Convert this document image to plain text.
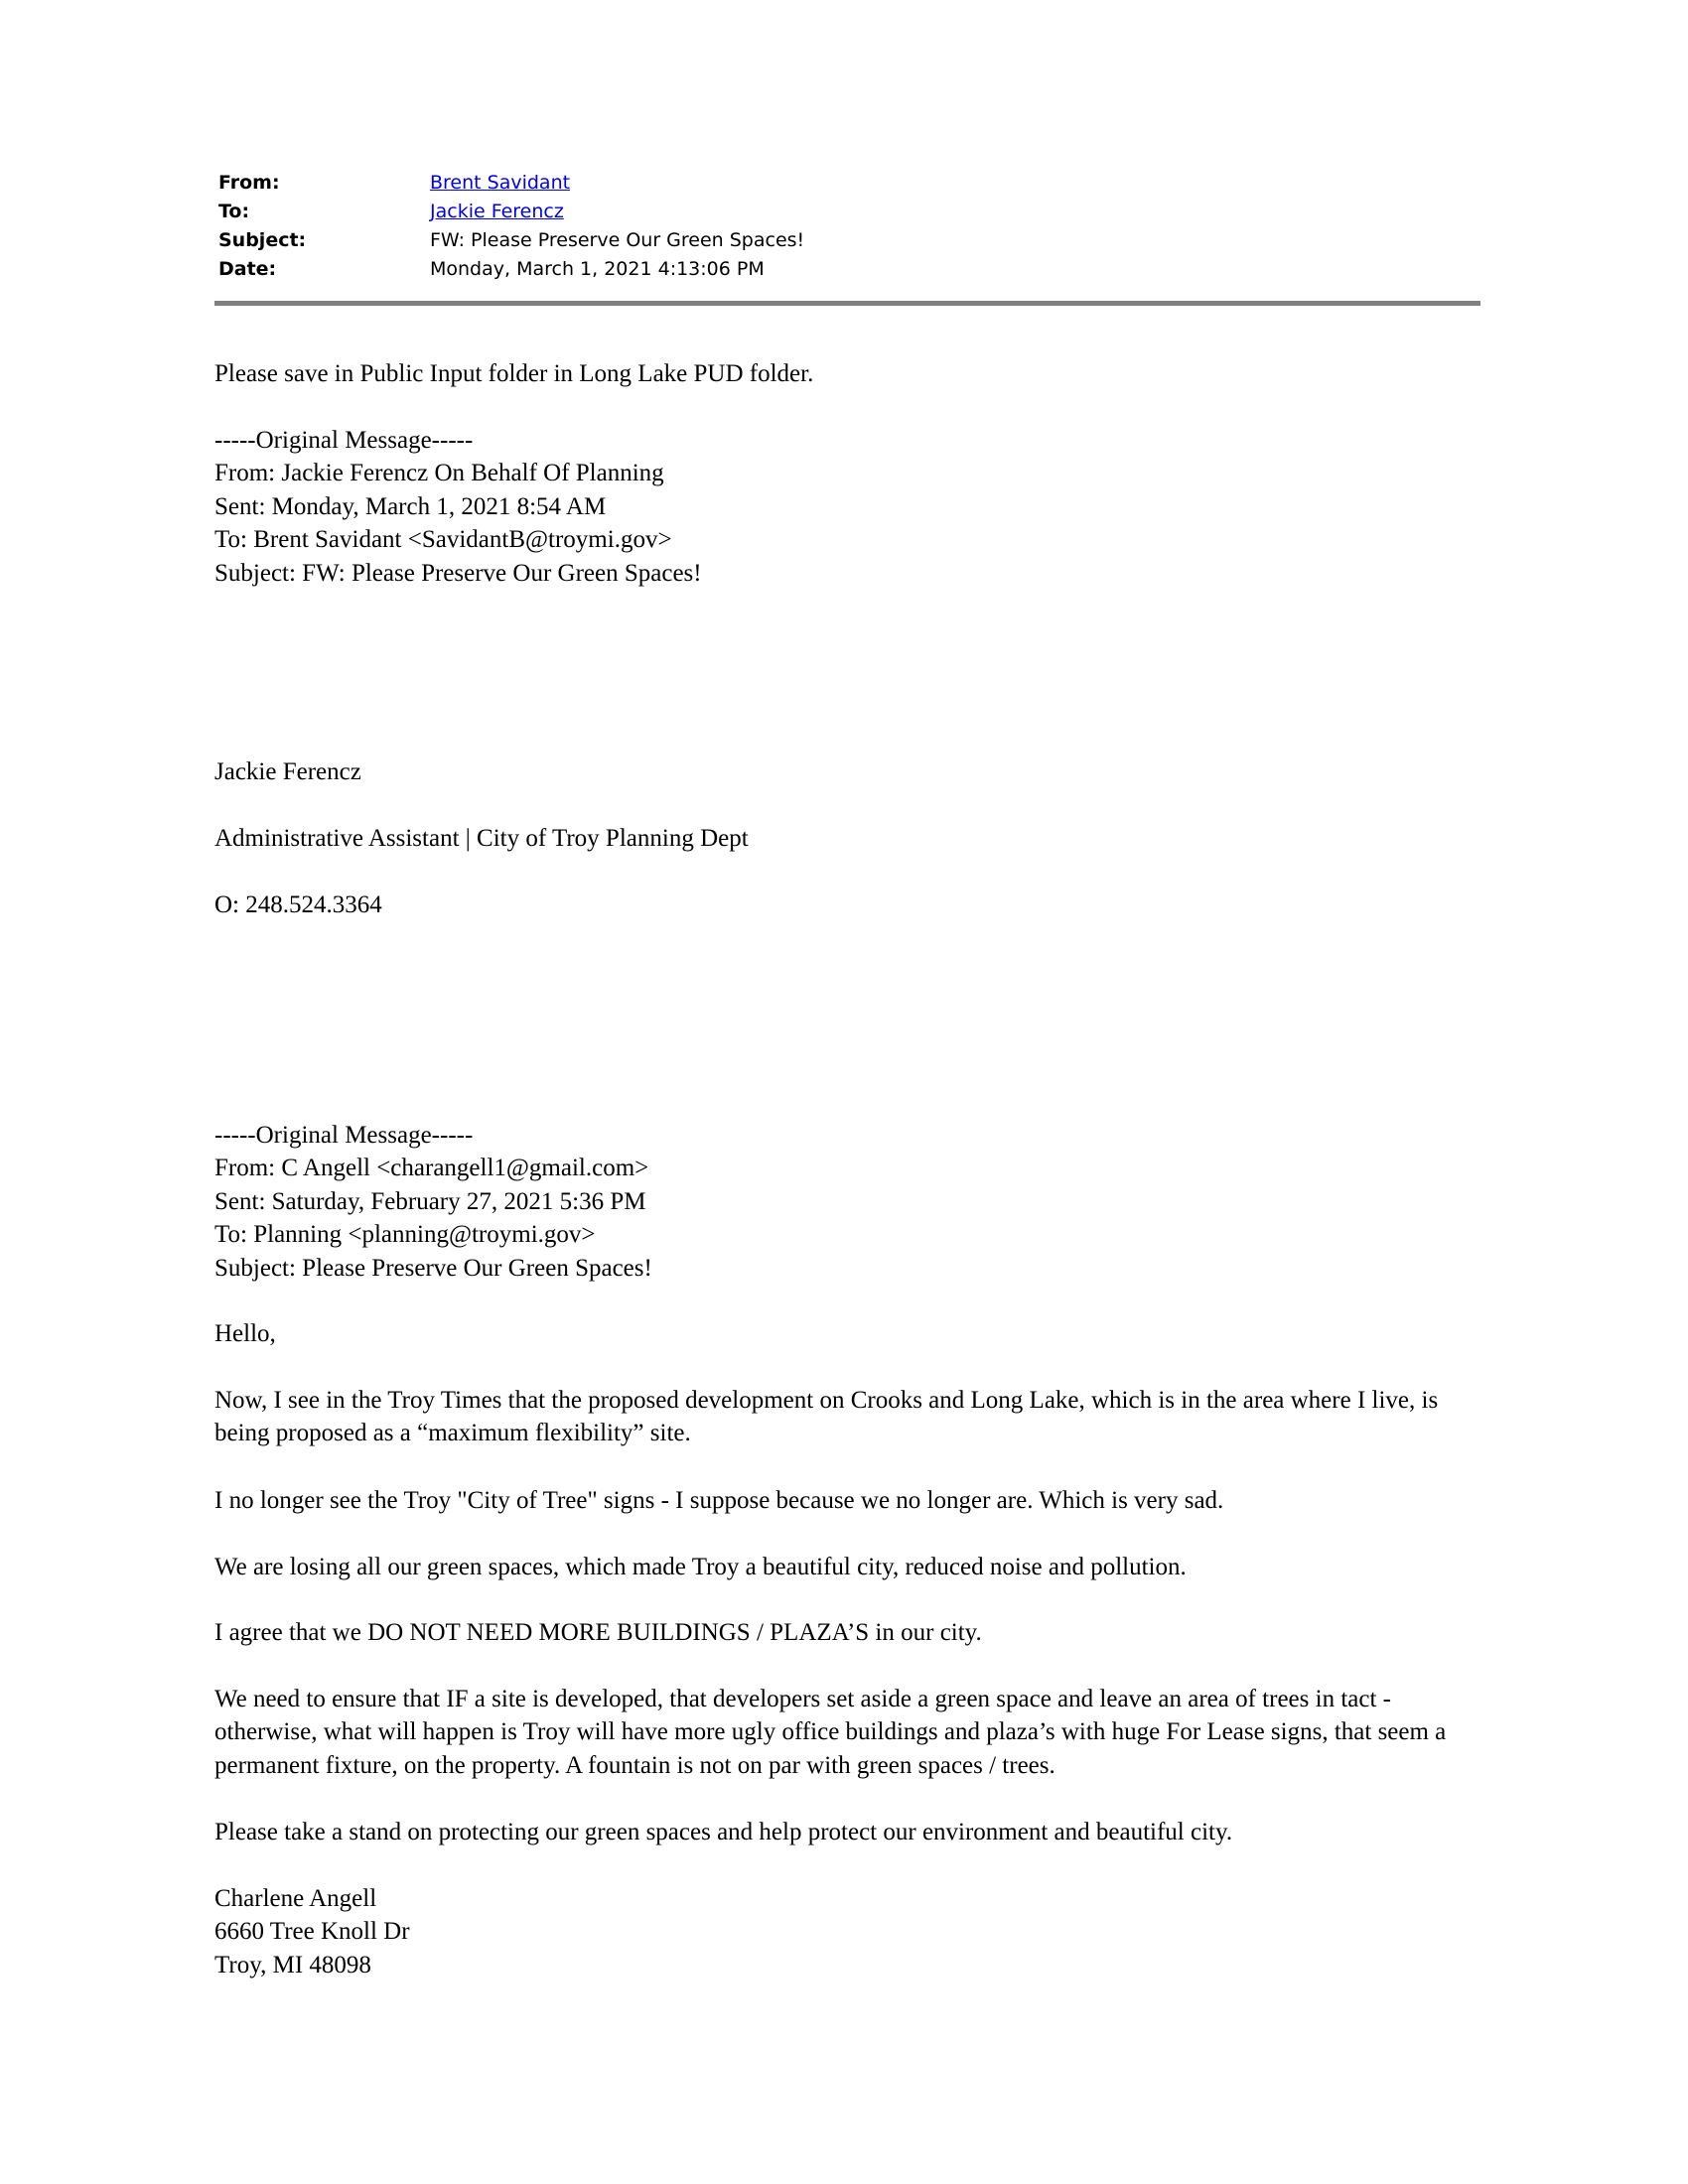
From:	Brent Savidant
To:	Jackie Ferencz
Subject:	FW: Please Preserve Our Green Spaces!
Date:	Monday, March 1, 2021 4:13:06 PM
Please save in Public Input folder in Long Lake PUD folder.
-----Original Message-----
From: Jackie Ferencz On Behalf Of Planning
Sent: Monday, March 1, 2021 8:54 AM
To: Brent Savidant <SavidantB@troymi.gov>
Subject: FW: Please Preserve Our Green Spaces!
Jackie Ferencz
Administrative Assistant | City of Troy Planning Dept
O: 248.524.3364
-----Original Message-----
From: C Angell <charangell1@gmail.com>
Sent: Saturday, February 27, 2021 5:36 PM
To: Planning <planning@troymi.gov>
Subject: Please Preserve Our Green Spaces!
Hello,
Now, I see in the Troy Times that the proposed development on Crooks and Long Lake, which is in the area where I live, is being proposed as a “maximum flexibility” site.
I no longer see the Troy "City of Tree" signs - I suppose because we no longer are. Which is very sad.
We are losing all our green spaces, which made Troy a beautiful city, reduced noise and pollution.
I agree that we DO NOT NEED MORE BUILDINGS / PLAZA’S in our city.
We need to ensure that IF a site is developed, that developers set aside a green space and leave an area of trees in tact - otherwise, what will happen is Troy will have more ugly office buildings and plaza’s with huge For Lease signs, that seem a permanent fixture, on the property. A fountain is not on par with green spaces / trees.
Please take a stand on protecting our green spaces and help protect our environment and beautiful city.
Charlene Angell
6660 Tree Knoll Dr
Troy, MI 48098
